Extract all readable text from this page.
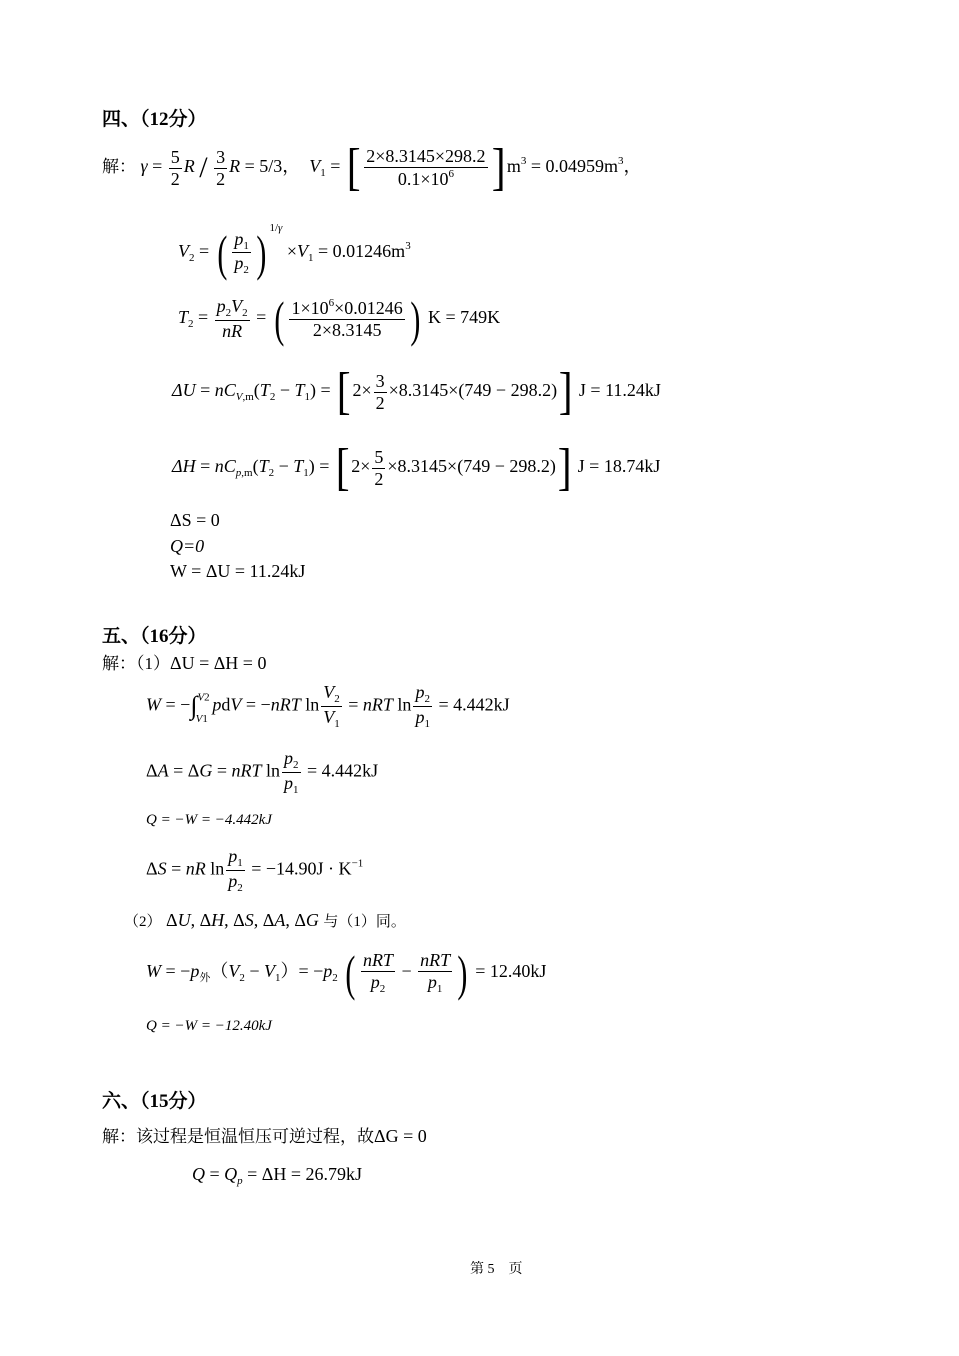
四、（12分）
解： $\gamma = \frac{5}{2}$ R / $\frac{3}{2}$ R = 5/3，  $V_1$ = [ $\frac{2\times 8.3145\times 298.2}{0.1\times 10^6} ]m^3 = 0.04959m^3$，
$V_2$ = ( $\frac{p_1}{p_2}$ ) $^{1/\gamma} \times V_1 = 0.01246m^3$
$T_2 = \frac{p_2V_2}{nR}$ = ( $\frac{1\times 10^6\times 0.01246}{2\times 8.3145}$ ) K = 749K
$\Delta U = nC_{V,m}(T_2 - T_1) = [2\times \frac{3}{2} \times 8.3145\times(749 - 298.2)] J = 11.24kJ$
$\Delta H = nC_{p,m}(T_2 - T_1) = [2\times \frac{5}{2} \times 8.3145\times(749 - 298.2)] J = 18.74kJ$
ΔS = 0
Q=0
W = ΔU = 11.24kJ
五、（16分）
解：（1）ΔU = ΔH = 0
W = −∫$^{V2}_{V1}$ pdV = −nRT $\ln \frac{V_2}{V_1}$ = nRT $\ln \frac{p_2}{p_1} = 4.442kJ$
ΔA = ΔG = nRT $\ln \frac{p_2}{p_1} = 4.442kJ$
Q = −W = −4.442kJ
ΔS = nR $\ln \frac{p_1}{p_2} = -14.90J \cdot K^{-1}$
（2） ΔU, ΔH, ΔS, ΔA, ΔG 与（1）同。
$W = -p_外(V_2 - V_1)= -p_2$ ( $\frac{\text{nRT}}{p_2} - \frac{\text{nRT}}{p_1}$ ) = 12.40kJ
Q = −W = −12.40kJ
六、（15分）
解：该过程是恒温恒压可逆过程，故ΔG = 0
$Q = Q_p = \Delta H = 26.79kJ$
第 5　页
